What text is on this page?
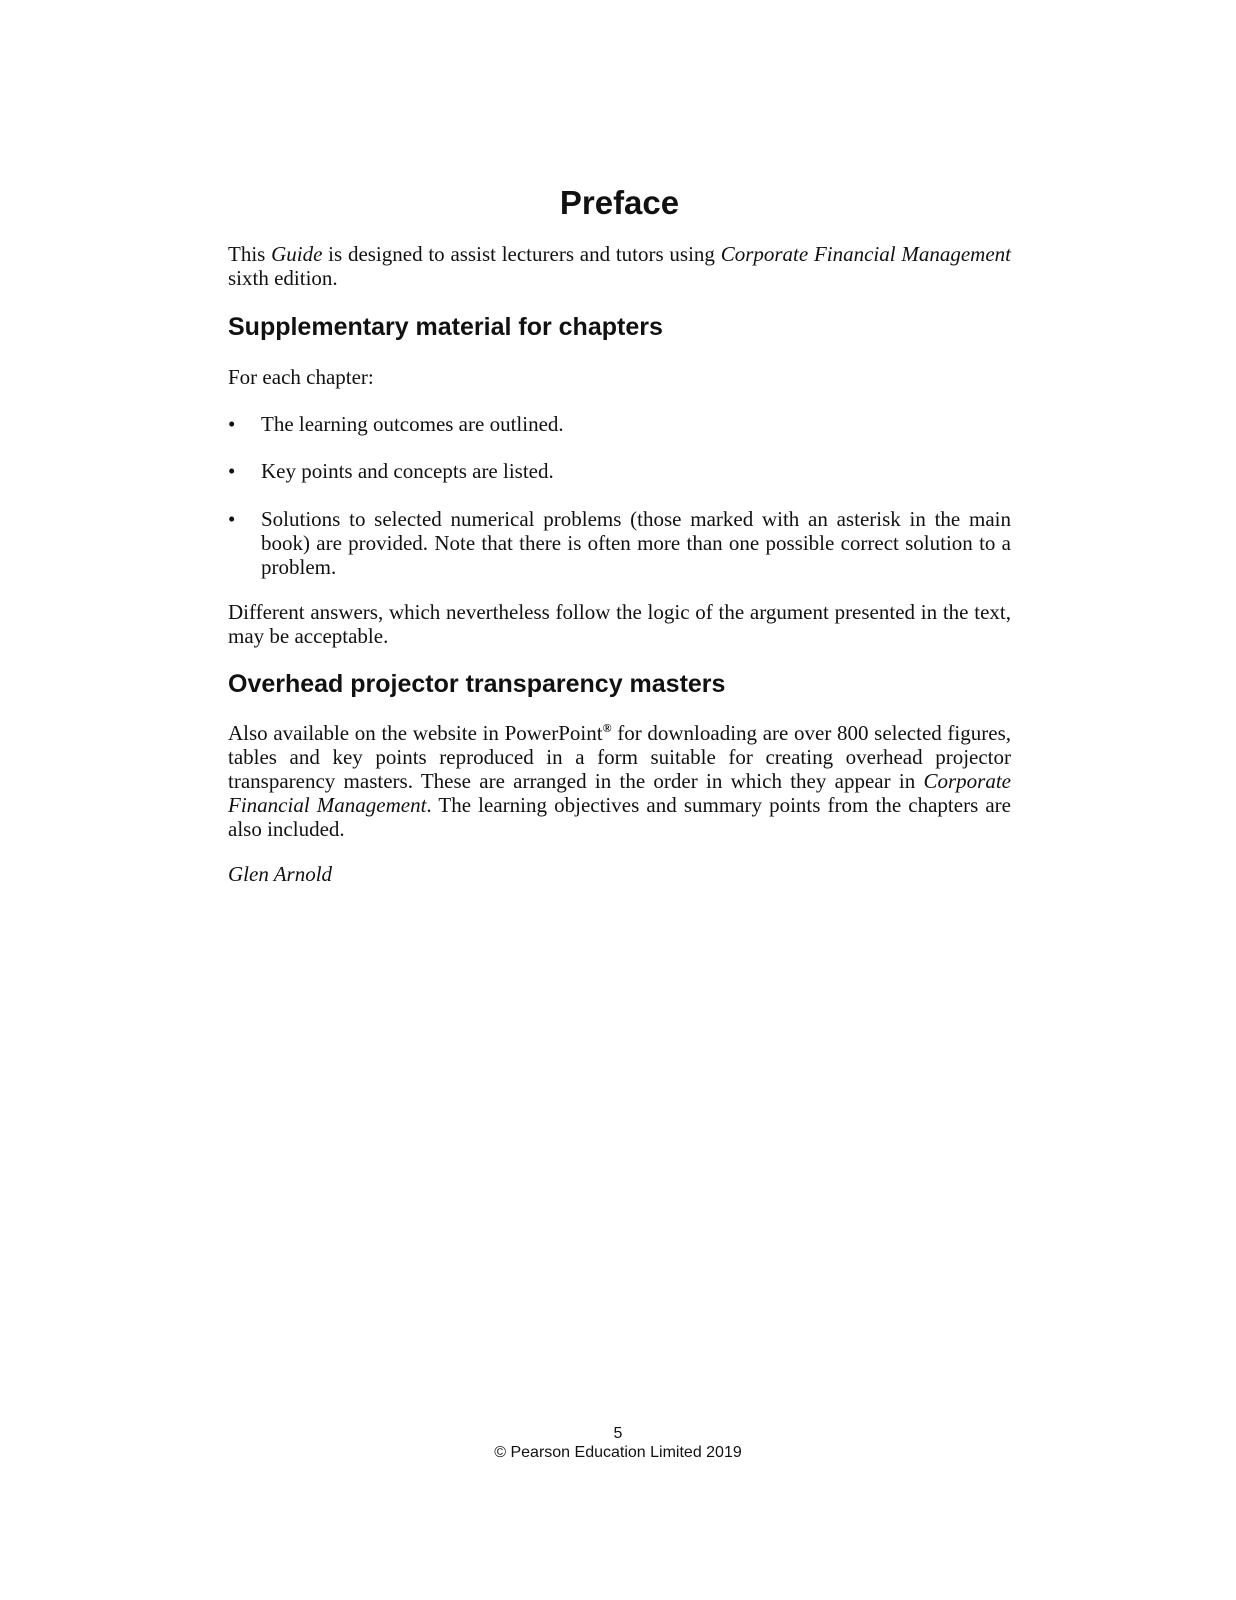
Preface

This Guide is designed to assist lecturers and tutors using Corporate Financial Management sixth edition.

Supplementary material for chapters

For each chapter:

•	The learning outcomes are outlined.

•	Key points and concepts are listed.

•	Solutions to selected numerical problems (those marked with an asterisk in the main book) are provided. Note that there is often more than one possible correct solution to a problem.

Different answers, which nevertheless follow the logic of the argument presented in the text, may be acceptable.

Overhead projector transparency masters

Also available on the website in PowerPoint® for downloading are over 800 selected figures, tables and key points reproduced in a form suitable for creating overhead projector transparency masters. These are arranged in the order in which they appear in Corporate Financial Management. The learning objectives and summary points from the chapters are also included.

Glen Arnold

5
© Pearson Education Limited 2019
